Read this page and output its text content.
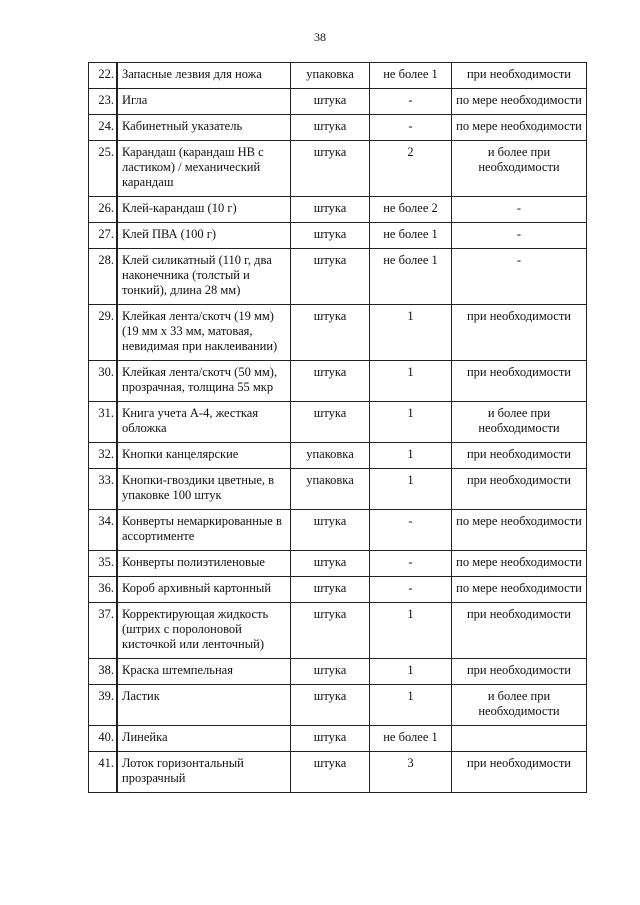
38
22.	Запасные лезвия для ножа	упаковка	не более 1	при необходимости
23.	Игла	штука	-	по мере необходимости
24.	Кабинетный указатель	штука	-	по мере необходимости
25.	Карандаш (карандаш НВ с ластиком) / механический карандаш	штука	2	и более при необходимости
26.	Клей-карандаш (10 г)	штука	не более 2	-
27.	Клей ПВА (100 г)	штука	не более 1	-
28.	Клей силикатный (110 г, два наконечника (толстый и тонкий), длина 28 мм)	штука	не более 1	-
29.	Клейкая лента/скотч (19 мм) (19 мм х 33 мм, матовая, невидимая при наклеивании)	штука	1	при необходимости
30.	Клейкая лента/скотч (50 мм), прозрачная, толщина 55 мкр	штука	1	при необходимости
31.	Книга учета А-4, жесткая обложка	штука	1	и более при необходимости
32.	Кнопки канцелярские	упаковка	1	при необходимости
33.	Кнопки-гвоздики цветные, в упаковке 100 штук	упаковка	1	при необходимости
34.	Конверты немаркированные в ассортименте	штука	-	по мере необходимости
35.	Конверты полиэтиленовые	штука	-	по мере необходимости
36.	Короб архивный картонный	штука	-	по мере необходимости
37.	Корректирующая жидкость (штрих с поролоновой кисточкой или ленточный)	штука	1	при необходимости
38.	Краска штемпельная	штука	1	при необходимости
39.	Ластик	штука	1	и более при необходимости
40.	Линейка	штука	не более 1	
41.	Лоток горизонтальный прозрачный	штука	3	при необходимости
